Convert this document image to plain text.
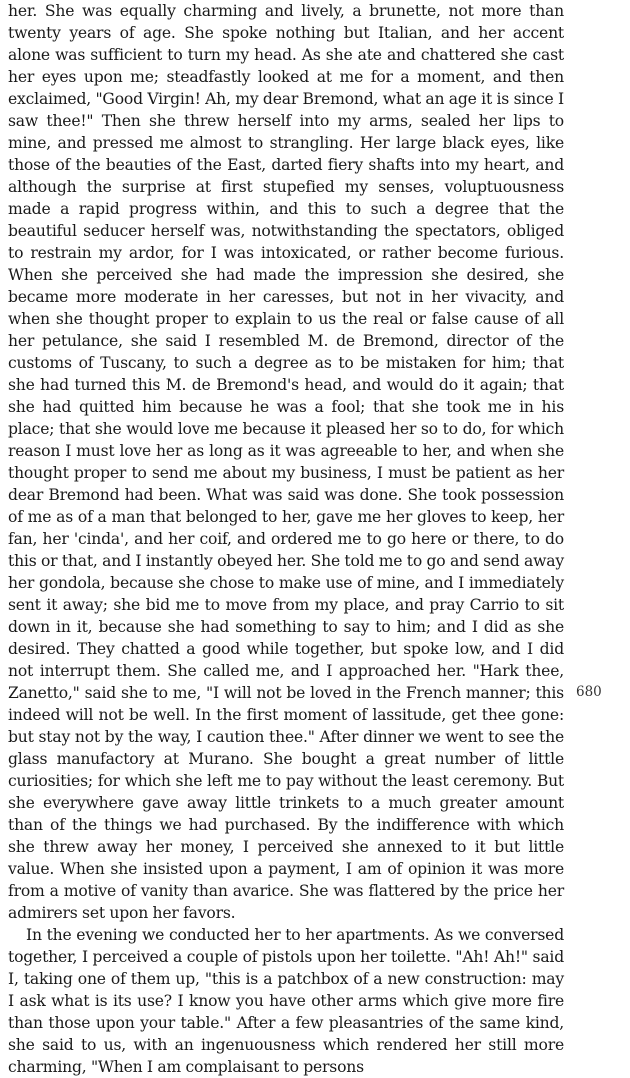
her. She was equally charming and lively, a brunette, not more than twenty years of age. She spoke nothing but Italian, and her accent alone was sufficient to turn my head. As she ate and chattered she cast her eyes upon me; steadfastly looked at me for a moment, and then exclaimed, "Good Virgin! Ah, my dear Bremond, what an age it is since I saw thee!" Then she threw herself into my arms, sealed her lips to mine, and pressed me almost to strangling. Her large black eyes, like those of the beauties of the East, darted fiery shafts into my heart, and although the surprise at first stupefied my senses, voluptuousness made a rapid progress within, and this to such a degree that the beautiful seducer herself was, notwithstanding the spectators, obliged to restrain my ardor, for I was intoxicated, or rather become furious. When she perceived she had made the impression she desired, she became more moderate in her caresses, but not in her vivacity, and when she thought proper to explain to us the real or false cause of all her petulance, she said I resembled M. de Bremond, director of the customs of Tuscany, to such a degree as to be mistaken for him; that she had turned this M. de Bremond's head, and would do it again; that she had quitted him because he was a fool; that she took me in his place; that she would love me because it pleased her so to do, for which reason I must love her as long as it was agreeable to her, and when she thought proper to send me about my business, I must be patient as her dear Bremond had been. What was said was done. She took possession of me as of a man that belonged to her, gave me her gloves to keep, her fan, her 'cinda', and her coif, and ordered me to go here or there, to do this or that, and I instantly obeyed her. She told me to go and send away her gondola, because she chose to make use of mine, and I immediately sent it away; she bid me to move from my place, and pray Carrio to sit down in it, because she had something to say to him; and I did as she desired. They chatted a good while together, but spoke low, and I did not interrupt them. She called me, and I approached her. "Hark thee, Zanetto," said she to me, "I will not be loved in the French manner; this indeed will not be well. In the first moment of lassitude, get thee gone: but stay not by the way, I caution thee." After dinner we went to see the glass manufactory at Murano. She bought a great number of little curiosities; for which she left me to pay without the least ceremony. But she everywhere gave away little trinkets to a much greater amount than of the things we had purchased. By the indifference with which she threw away her money, I perceived she annexed to it but little value. When she insisted upon a payment, I am of opinion it was more from a motive of vanity than avarice. She was flattered by the price her admirers set upon her favors.

In the evening we conducted her to her apartments. As we conversed together, I perceived a couple of pistols upon her toilette. "Ah! Ah!" said I, taking one of them up, "this is a patchbox of a new construction: may I ask what is its use? I know you have other arms which give more fire than those upon your table." After a few pleasantries of the same kind, she said to us, with an ingenuousness which rendered her still more charming, "When I am complaisant to persons

680
